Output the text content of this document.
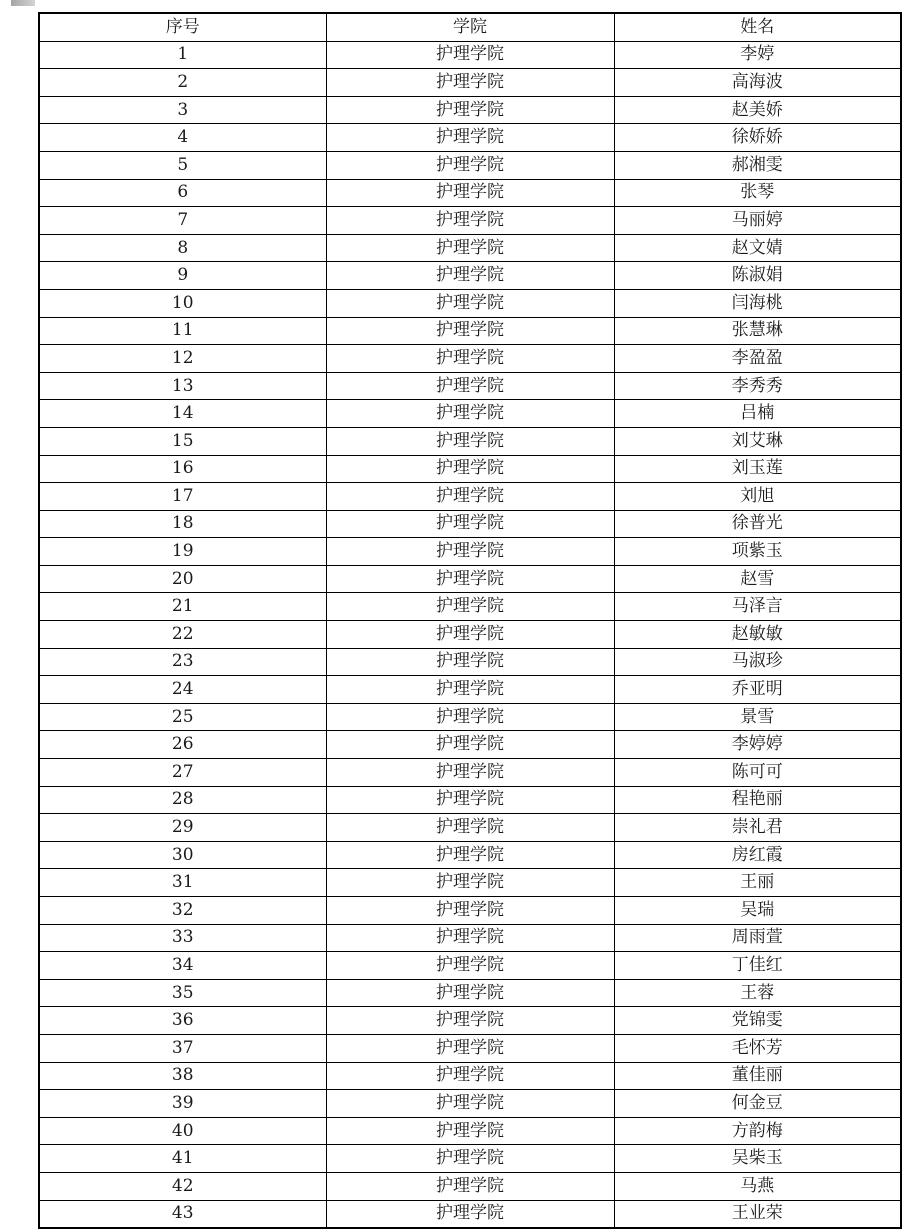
序号	学院	姓名
1	护理学院	李婷
2	护理学院	高海波
3	护理学院	赵美娇
4	护理学院	徐娇娇
5	护理学院	郝湘雯
6	护理学院	张琴
7	护理学院	马丽婷
8	护理学院	赵文婧
9	护理学院	陈淑娟
10	护理学院	闫海桃
11	护理学院	张慧琳
12	护理学院	李盈盈
13	护理学院	李秀秀
14	护理学院	吕楠
15	护理学院	刘艾琳
16	护理学院	刘玉莲
17	护理学院	刘旭
18	护理学院	徐普光
19	护理学院	项紫玉
20	护理学院	赵雪
21	护理学院	马泽言
22	护理学院	赵敏敏
23	护理学院	马淑珍
24	护理学院	乔亚明
25	护理学院	景雪
26	护理学院	李婷婷
27	护理学院	陈可可
28	护理学院	程艳丽
29	护理学院	崇礼君
30	护理学院	房红霞
31	护理学院	王丽
32	护理学院	吴瑞
33	护理学院	周雨萱
34	护理学院	丁佳红
35	护理学院	王蓉
36	护理学院	党锦雯
37	护理学院	毛怀芳
38	护理学院	董佳丽
39	护理学院	何金豆
40	护理学院	方韵梅
41	护理学院	吴柴玉
42	护理学院	马燕
43	护理学院	王业荣
